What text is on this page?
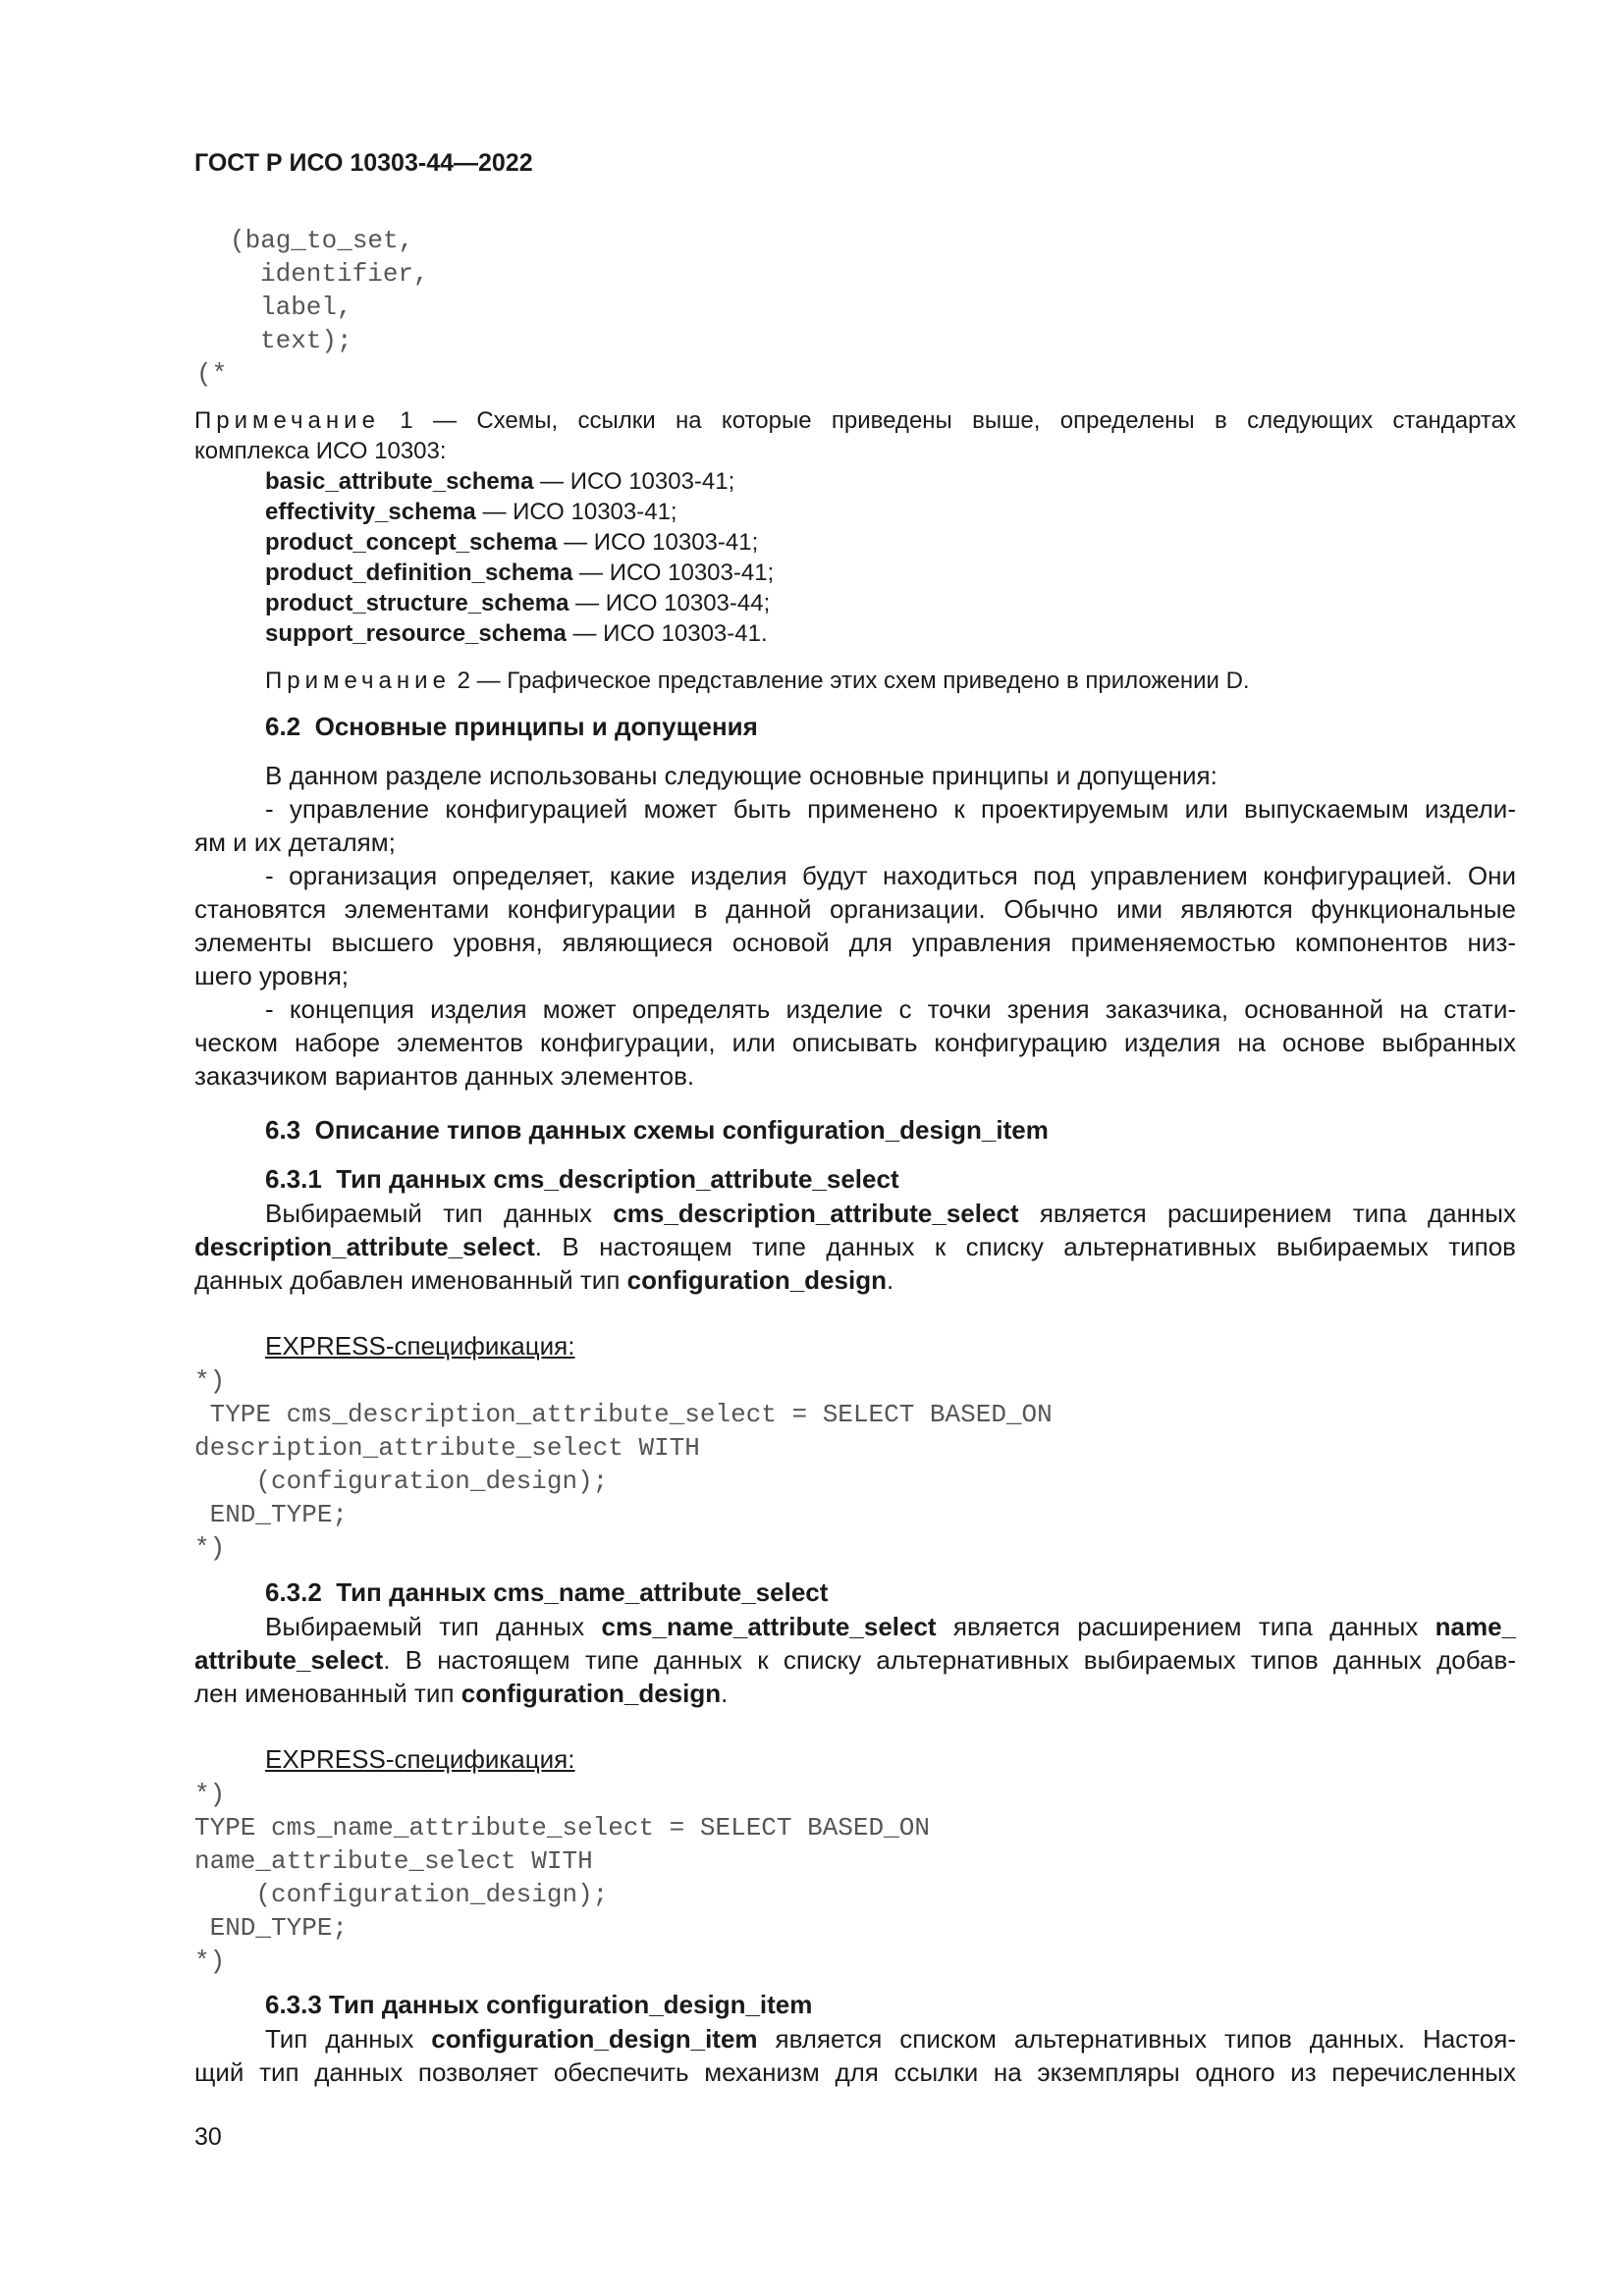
ГОСТ Р ИСО 10303-44—2022
(bag_to_set,
identifier,
label,
text);
(*
Примечание 1 — Схемы, ссылки на которые приведены выше, определены в следующих стандартах
комплекса ИСО 10303:
basic_attribute_schema — ИСО 10303-41;
effectivity_schema — ИСО 10303-41;
product_concept_schema — ИСО 10303-41;
product_definition_schema — ИСО 10303-41;
product_structure_schema — ИСО 10303-44;
support_resource_schema — ИСО 10303-41.
Примечание 2 — Графическое представление этих схем приведено в приложении D.
6.2  Основные принципы и допущения
В данном разделе использованы следующие основные принципы и допущения:
- управление конфигурацией может быть применено к проектируемым или выпускаемым издели-
ям и их деталям;
- организация определяет, какие изделия будут находиться под управлением конфигурацией. Они
становятся элементами конфигурации в данной организации. Обычно ими являются функциональные
элементы высшего уровня, являющиеся основой для управления применяемостью компонентов низ-
шего уровня;
- концепция изделия может определять изделие с точки зрения заказчика, основанной на стати-
ческом наборе элементов конфигурации, или описывать конфигурацию изделия на основе выбранных
заказчиком вариантов данных элементов.
6.3  Описание типов данных схемы configuration_design_item
6.3.1  Тип данных cms_description_attribute_select
Выбираемый тип данных cms_description_attribute_select является расширением типа данных
description_attribute_select. В настоящем типе данных к списку альтернативных выбираемых типов
данных добавлен именованный тип configuration_design.
EXPRESS-спецификация:
*)
TYPE cms_description_attribute_select = SELECT BASED_ON
description_attribute_select WITH
(configuration_design);
END_TYPE;
*)
6.3.2  Тип данных cms_name_attribute_select
Выбираемый тип данных cms_name_attribute_select является расширением типа данных name_
attribute_select. В настоящем типе данных к списку альтернативных выбираемых типов данных добав-
лен именованный тип configuration_design.
EXPRESS-спецификация:
*)
TYPE cms_name_attribute_select = SELECT BASED_ON
name_attribute_select WITH
(configuration_design);
END_TYPE;
*)
6.3.3 Тип данных configuration_design_item
Тип данных configuration_design_item является списком альтернативных типов данных. Настоя-
щий тип данных позволяет обеспечить механизм для ссылки на экземпляры одного из перечисленных
30
